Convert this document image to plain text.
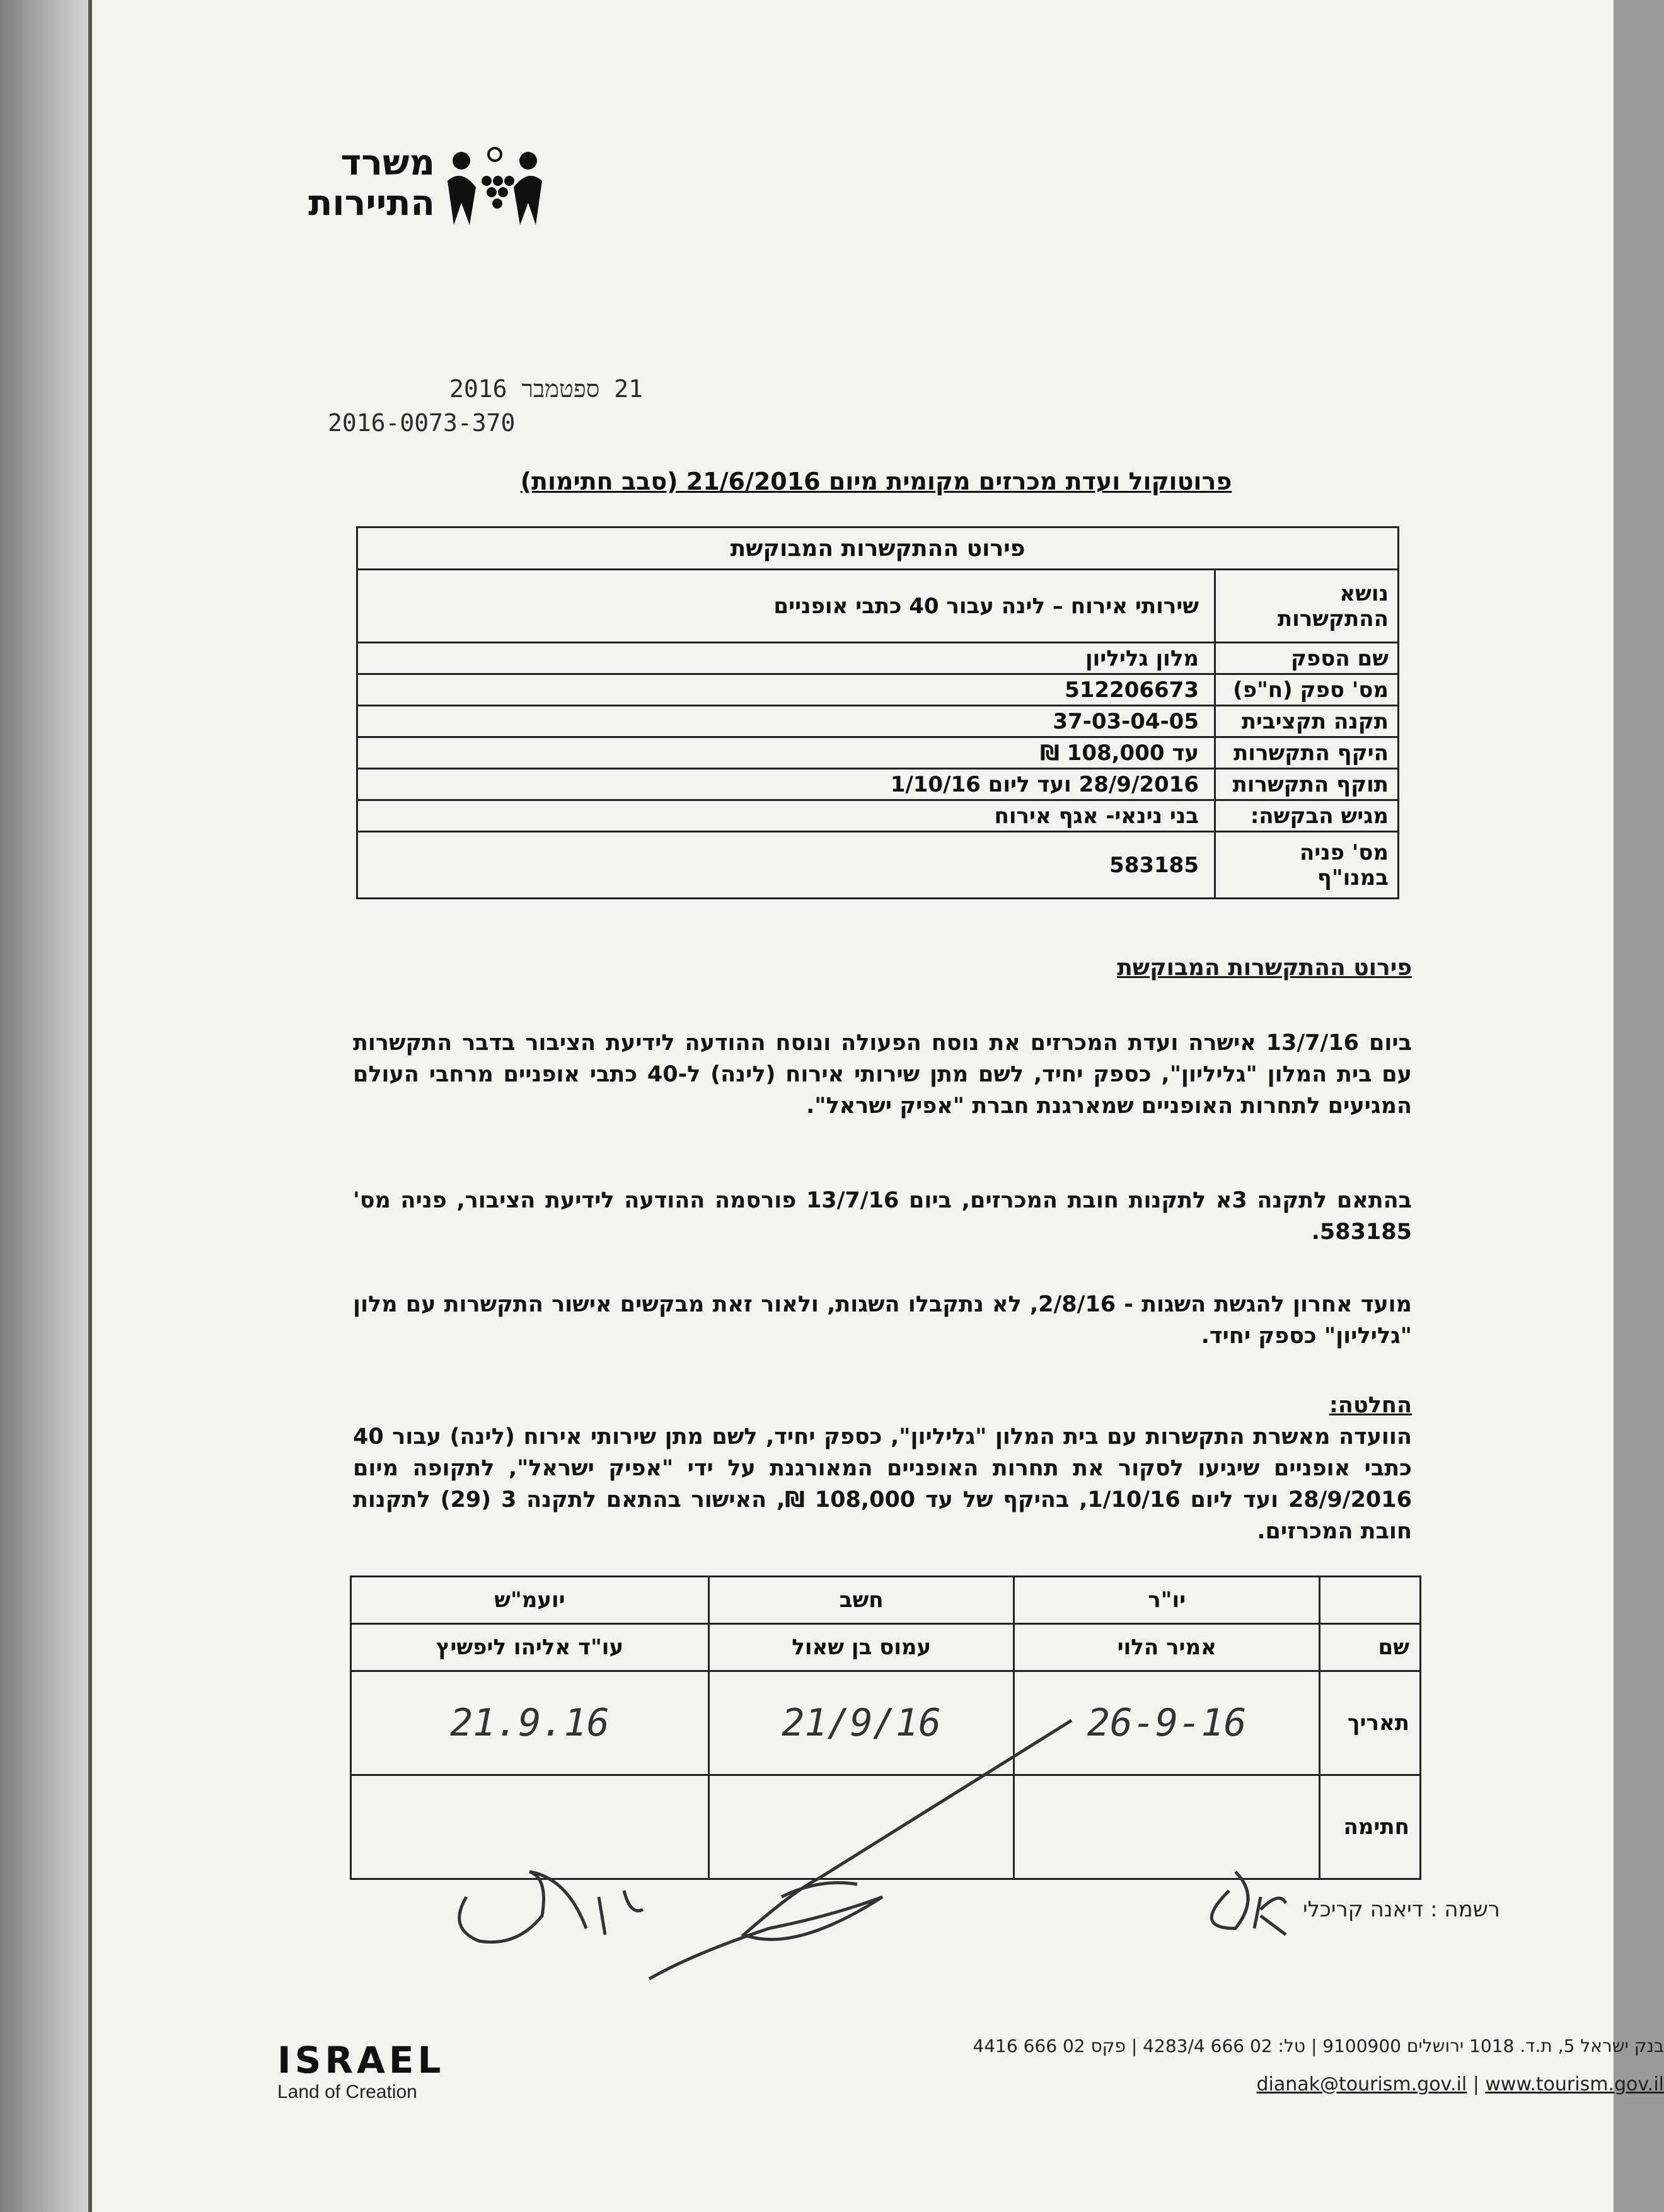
משרד
התיירות
21 ספטמבר 2016
2016-0073-370
פרוטוקול ועדת מכרזים מקומית מיום 21/6/2016 (סבב חתימות)
פירוט ההתקשרות המבוקשת	
נושא ההתקשרות	שירותי אירוח – לינה עבור 40 כתבי אופניים
שם הספק	מלון גליליון
מס' ספק (ח"פ)	512206673
תקנה תקציבית	37-03-04-05
היקף התקשרות	עד 108,000 ₪
תוקף התקשרות	28/9/2016 ועד ליום 1/10/16
מגיש הבקשה:	בני נינאי- אגף אירוח
מס' פניה במנו"ף	583185
פירוט ההתקשרות המבוקשת
ביום 13/7/16 אישרה ועדת המכרזים את נוסח הפעולה ונוסח ההודעה לידיעת הציבור בדבר התקשרות עם בית המלון "גליליון", כספק יחיד, לשם מתן שירותי אירוח (לינה) ל-40 כתבי אופניים מרחבי העולם המגיעים לתחרות האופניים שמארגנת חברת "אפיק ישראל".
בהתאם לתקנה 3א לתקנות חובת המכרזים, ביום 13/7/16 פורסמה ההודעה לידיעת הציבור, פניה מס' 583185.
מועד אחרון להגשת השגות - 2/8/16, לא נתקבלו השגות, ולאור זאת מבקשים אישור התקשרות עם מלון "גליליון" כספק יחיד.
החלטה:
הוועדה מאשרת התקשרות עם בית המלון "גליליון", כספק יחיד, לשם מתן שירותי אירוח (לינה) עבור 40 כתבי אופניים שיגיעו לסקור את תחרות האופניים המאורגנת על ידי "אפיק ישראל", לתקופה מיום 28/9/2016 ועד ליום 1/10/16, בהיקף של עד 108,000 ₪, האישור בהתאם לתקנה 3 (29) לתקנות חובת המכרזים.
	יו"ר	חשב	יועמ"ש
שם	אמיר הלוי	עמוס בן שאול	עו"ד אליהו ליפשיץ
תאריך	26-9-16	21/9/16	21.9.16
חתימה			
רשמה : דיאנה קריכלי
ISRAEL
Land of Creation
בנק ישראל 5, ת.ד. 1018 ירושלים 9100900 | טל: 02 666 4283/4 | פקס 02 666 4416
dianak@tourism.gov.il | www.tourism.gov.il
